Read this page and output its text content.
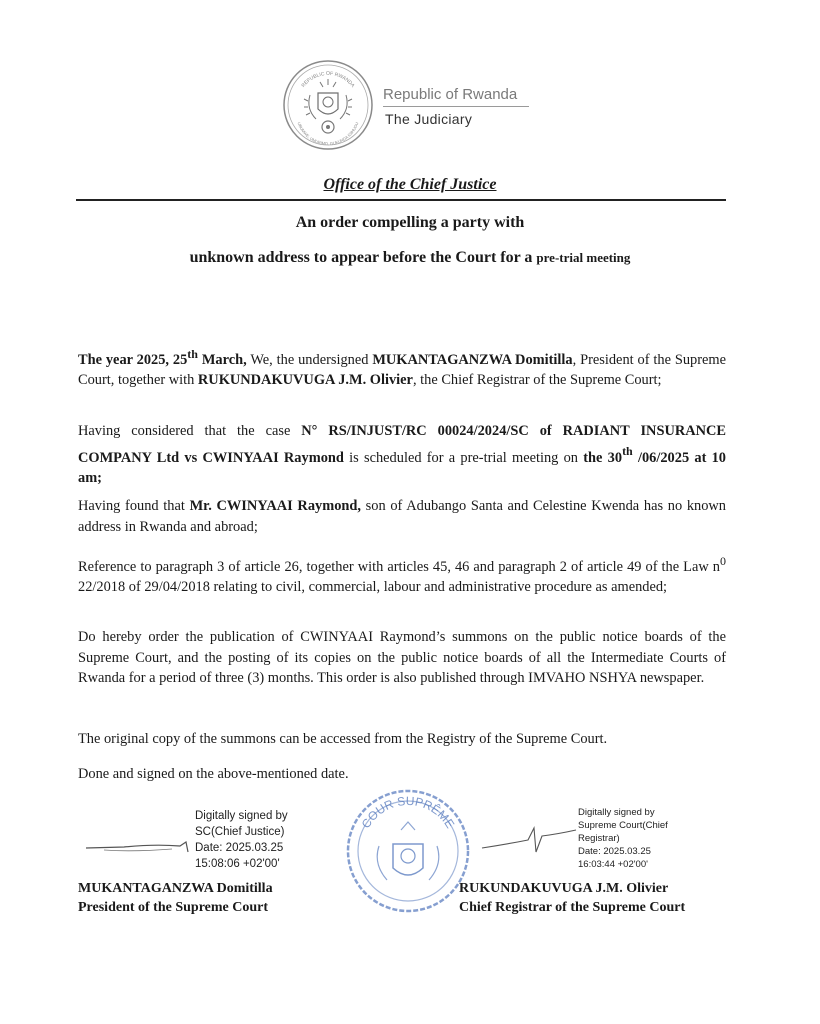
REPUBLIC OF RWANDA
UBUMWE, UMURIMO, GUKUNDA IGIHUGU
Republic of Rwanda
The Judiciary
Office of the Chief Justice
An order compelling a party with
unknown address to appear before the Court for a pre-trial meeting

The year 2025, 25th March, We, the undersigned MUKANTAGANZWA Domitilla, President of the Supreme Court, together with RUKUNDAKUVUGA J.M. Olivier, the Chief Registrar of the Supreme Court;

Having considered that the case N° RS/INJUST/RC 00024/2024/SC of RADIANT INSURANCE COMPANY Ltd vs CWINYAAI Raymond is scheduled for a pre-trial meeting on the 30th /06/2025 at 10 am;

Having found that Mr. CWINYAAI Raymond, son of Adubango Santa and Celestine Kwenda has no known address in Rwanda and abroad;

Reference to paragraph 3 of article 26, together with articles 45, 46 and paragraph 2 of article 49 of the Law $n^0$ 22/2018 of 29/04/2018 relating to civil, commercial, labour and administrative procedure as amended;

Do hereby order the publication of CWINYAAI Raymond’s summons on the public notice boards of the Supreme Court, and the posting of its copies on the public notice boards of all the Intermediate Courts of Rwanda for a period of three (3) months. This order is also published through IMVAHO NSHYA newspaper.

The original copy of the summons can be accessed from the Registry of the Supreme Court.

Done and signed on the above-mentioned date.

Digitally signed by
SC(Chief Justice)
Date: 2025.03.25
15:08:06 +02'00'
COUR SUPRÊME
Digitally signed by
Supreme Court(Chief
Registrar)
Date: 2025.03.25
16:03:44 +02'00'
MUKANTAGANZWA Domitilla
President of the Supreme Court
RUKUNDAKUVUGA J.M. Olivier
Chief Registrar of the Supreme Court
